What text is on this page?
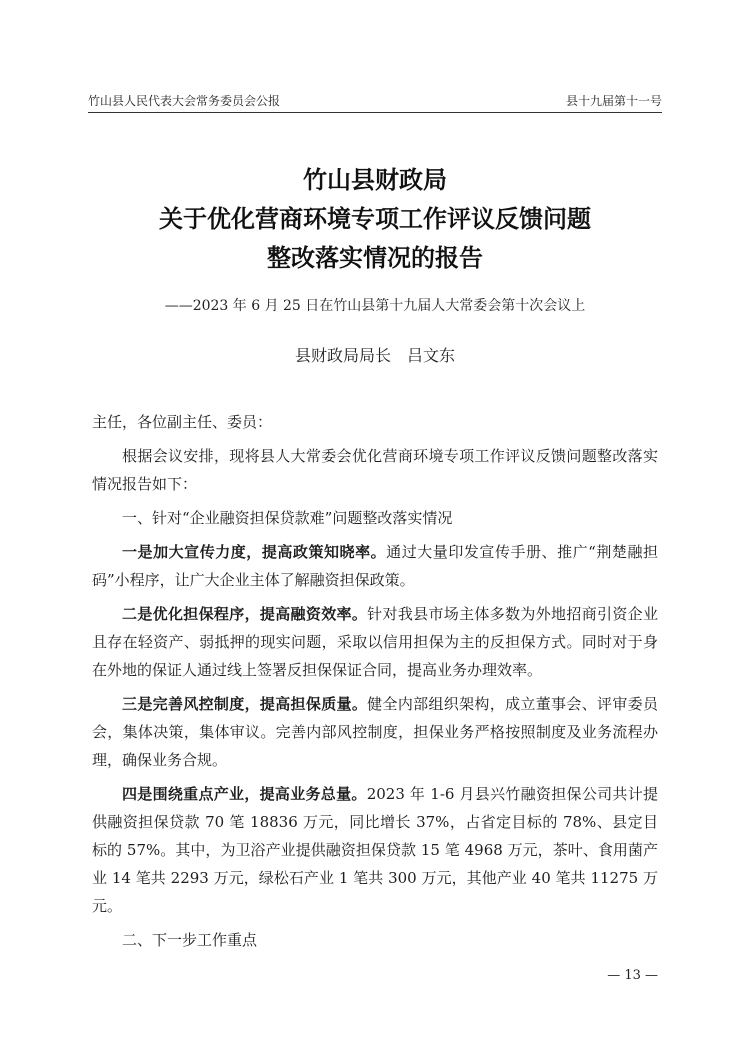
竹山县人民代表大会常务委员会公报	县十九届第十一号
竹山县财政局
关于优化营商环境专项工作评议反馈问题
整改落实情况的报告
——2023 年 6 月 25 日在竹山县第十九届人大常委会第十次会议上
县财政局局长　吕文东

主任，各位副主任、委员：

根据会议安排，现将县人大常委会优化营商环境专项工作评议反馈问题整改落实情况报告如下：

一、针对“企业融资担保贷款难”问题整改落实情况

一是加大宣传力度，提高政策知晓率。通过大量印发宣传手册、推广“荆楚融担码”小程序，让广大企业主体了解融资担保政策。

二是优化担保程序，提高融资效率。针对我县市场主体多数为外地招商引资企业且存在轻资产、弱抵押的现实问题，采取以信用担保为主的反担保方式。同时对于身在外地的保证人通过线上签署反担保保证合同，提高业务办理效率。

三是完善风控制度，提高担保质量。健全内部组织架构，成立董事会、评审委员会，集体决策，集体审议。完善内部风控制度，担保业务严格按照制度及业务流程办理，确保业务合规。

四是围绕重点产业，提高业务总量。2023 年 1-6 月县兴竹融资担保公司共计提供融资担保贷款 70 笔 18836 万元，同比增长 37%，占省定目标的 78%、县定目标的 57%。其中，为卫浴产业提供融资担保贷款 15 笔 4968 万元，茶叶、食用菌产业 14 笔共 2293 万元，绿松石产业 1 笔共 300 万元，其他产业 40 笔共 11275 万元。

二、下一步工作重点

— 13 —
